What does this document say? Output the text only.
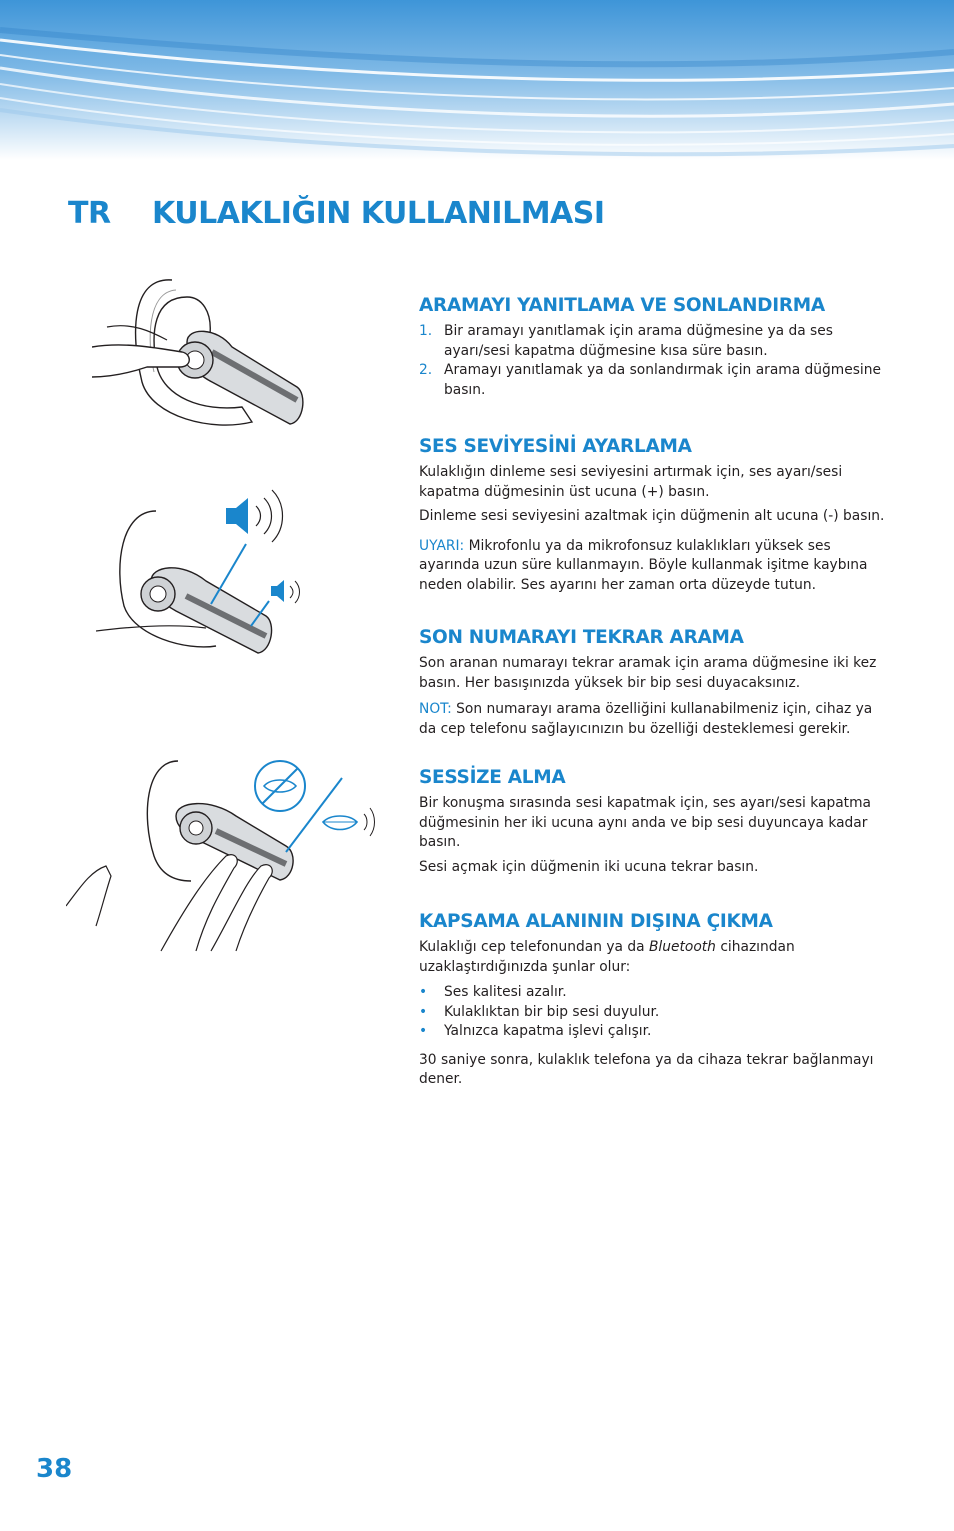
TR	KULAKLIĞIN KULLANILMASI
ARAMAYI YANITLAMA VE SONLANDIRMA
1. Bir aramayı yanıtlamak için arama düğmesine ya da ses ayarı/sesi kapatma düğmesine kısa süre basın.
2. Aramayı yanıtlamak ya da sonlandırmak için arama düğmesine basın.
SES SEVİYESİNİ AYARLAMA

Kulaklığın dinleme sesi seviyesini artırmak için, ses ayarı/sesi kapatma düğmesinin üst ucuna (+) basın.

Dinleme sesi seviyesini azaltmak için düğmenin alt ucuna (-) basın.

UYARI: Mikrofonlu ya da mikrofonsuz kulaklıkları yüksek ses ayarında uzun süre kullanmayın. Böyle kullanmak işitme kaybına neden olabilir. Ses ayarını her zaman orta düzeyde tutun.

SON NUMARAYI TEKRAR ARAMA

Son aranan numarayı tekrar aramak için arama düğmesine iki kez basın. Her basışınızda yüksek bir bip sesi duyacaksınız.

NOT: Son numarayı arama özelliğini kullanabilmeniz için, cihaz ya da cep telefonu sağlayıcınızın bu özelliği desteklemesi gerekir.

SESSİZE ALMA

Bir konuşma sırasında sesi kapatmak için, ses ayarı/sesi kapatma düğmesinin her iki ucuna aynı anda ve bip sesi duyuncaya kadar basın.

Sesi açmak için düğmenin iki ucuna tekrar basın.

KAPSAMA ALANININ DIŞINA ÇIKMA

Kulaklığı cep telefonundan ya da Bluetooth cihazından uzaklaştırdığınızda şunlar olur:

• Ses kalitesi azalır.
• Kulaklıktan bir bip sesi duyulur.
• Yalnızca kapatma işlevi çalışır.

30 saniye sonra, kulaklık telefona ya da cihaza tekrar bağlanmayı dener.

38
